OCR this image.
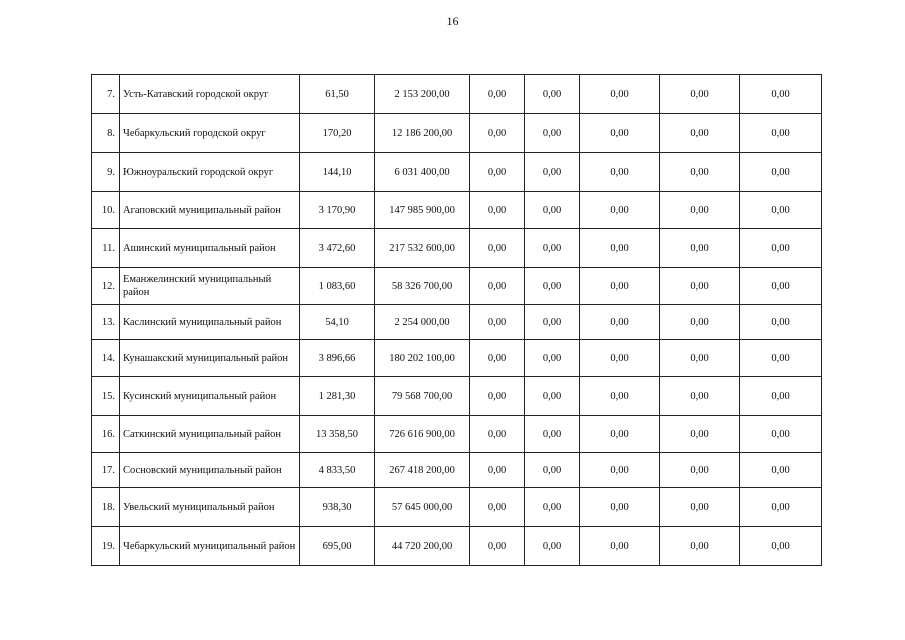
16
7.	Усть-Катавский городской округ	61,50	2 153 200,00	0,00	0,00	0,00	0,00	0,00
8.	Чебаркульский городской округ	170,20	12 186 200,00	0,00	0,00	0,00	0,00	0,00
9.	Южноуральский городской округ	144,10	6 031 400,00	0,00	0,00	0,00	0,00	0,00
10.	Агаповский муниципальный район	3 170,90	147 985 900,00	0,00	0,00	0,00	0,00	0,00
11.	Ашинский муниципальный район	3 472,60	217 532 600,00	0,00	0,00	0,00	0,00	0,00
12.	Еманжелинский муниципальный район	1 083,60	58 326 700,00	0,00	0,00	0,00	0,00	0,00
13.	Каслинский муниципальный район	54,10	2 254 000,00	0,00	0,00	0,00	0,00	0,00
14.	Кунашакский муниципальный район	3 896,66	180 202 100,00	0,00	0,00	0,00	0,00	0,00
15.	Кусинский муниципальный район	1 281,30	79 568 700,00	0,00	0,00	0,00	0,00	0,00
16.	Саткинский муниципальный район	13 358,50	726 616 900,00	0,00	0,00	0,00	0,00	0,00
17.	Сосновский муниципальный район	4 833,50	267 418 200,00	0,00	0,00	0,00	0,00	0,00
18.	Увельский муниципальный район	938,30	57 645 000,00	0,00	0,00	0,00	0,00	0,00
19.	Чебаркульский муниципальный район	695,00	44 720 200,00	0,00	0,00	0,00	0,00	0,00
